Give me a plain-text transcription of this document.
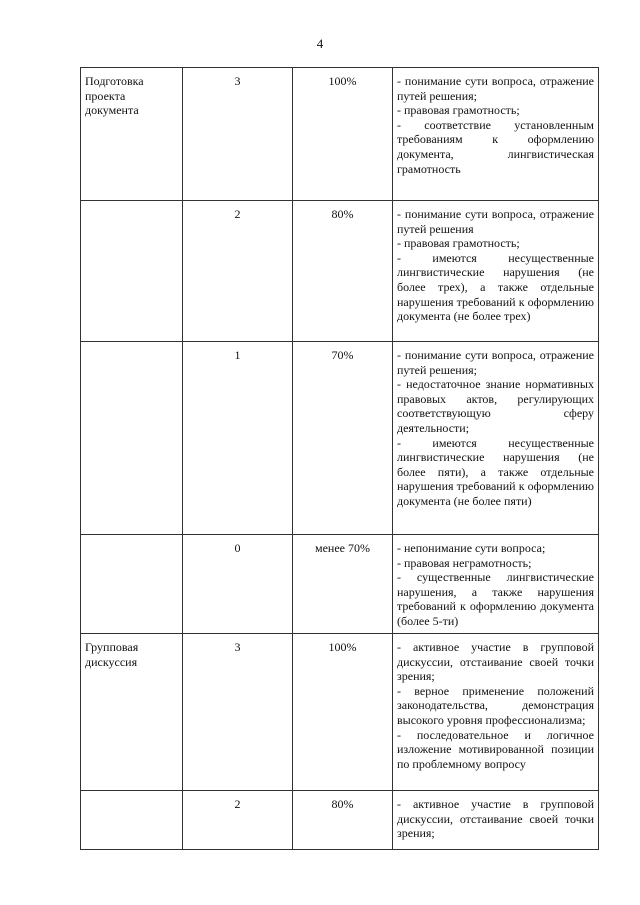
4
Подготовка проекта документа	3	100%	- понимание сути вопроса, отражение путей решения;
- правовая грамотность;
- соответствие установленным требованиям к оформлению документа, лингвистическая грамотность

	2	80%	- понимание сути вопроса, отражение путей решения
- правовая грамотность;
- имеются несущественные лингвистические нарушения (не более трех), а также отдельные нарушения требований к оформлению документа (не более трех)

	1	70%	- понимание сути вопроса, отражение путей решения;
- недостаточное знание нормативных правовых актов, регулирующих соответствующую сферу деятельности;
- имеются несущественные лингвистические нарушения (не более пяти), а также отдельные нарушения требований к оформлению документа (не более пяти)

	0	менее 70%	- непонимание сути вопроса;
- правовая неграмотность;
- существенные лингвистические нарушения, а также нарушения требований к оформлению документа (более 5-ти)

Групповая дискуссия	3	100%	- активное участие в групповой дискуссии, отстаивание своей точки зрения;
- верное применение положений законодательства, демонстрация высокого уровня профессионализма;
- последовательное и логичное изложение мотивированной позиции по проблемному вопросу

	2	80%	- активное участие в групповой дискуссии, отстаивание своей точки зрения;
